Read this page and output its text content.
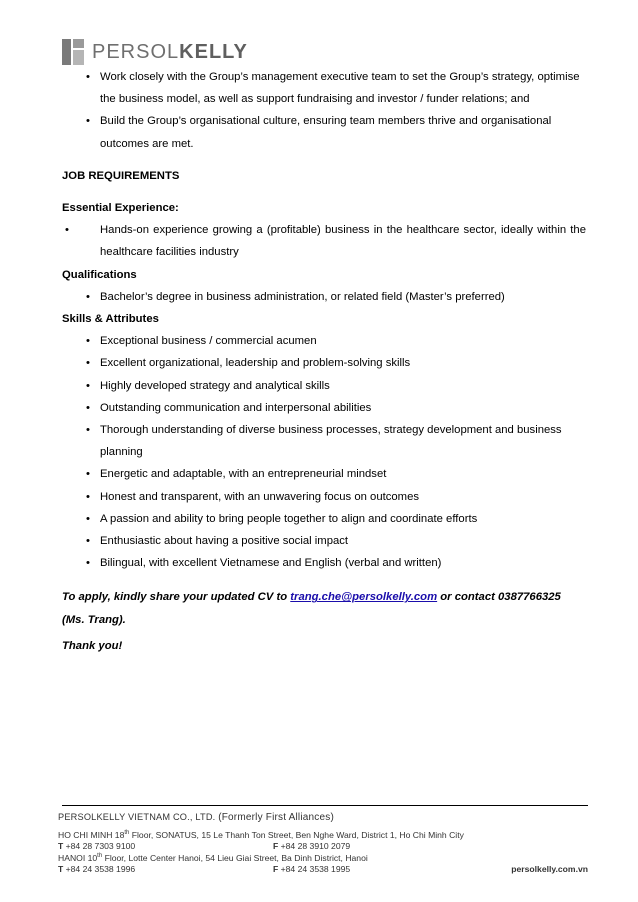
PERSOLKELLY

• Work closely with the Group’s management executive team to set the Group’s strategy, optimise the business model, as well as support fundraising and investor / funder relations; and

• Build the Group’s organisational culture, ensuring team members thrive and organisational outcomes are met.

JOB REQUIREMENTS

Essential Experience:

•	Hands-on experience growing a (profitable) business in the healthcare sector, ideally within the healthcare facilities industry

Qualifications

• Bachelor’s degree in business administration, or related field (Master’s preferred)

Skills & Attributes

• Exceptional business / commercial acumen

• Excellent organizational, leadership and problem-solving skills

• Highly developed strategy and analytical skills

• Outstanding communication and interpersonal abilities

• Thorough understanding of diverse business processes, strategy development and business planning

• Energetic and adaptable, with an entrepreneurial mindset

• Honest and transparent, with an unwavering focus on outcomes

• A passion and ability to bring people together to align and coordinate efforts

• Enthusiastic about having a positive social impact

• Bilingual, with excellent Vietnamese and English (verbal and written)

To apply, kindly share your updated CV to trang.che@persolkelly.com or contact 0387766325 (Ms. Trang).

Thank you!

PERSOLKELLY VIETNAM CO., LTD. (Formerly First Alliances)
HO CHI MINH 18th Floor, SONATUS, 15 Le Thanh Ton Street, Ben Nghe Ward, District 1, Ho Chi Minh City
T +84 28 7303 9100	F +84 28 3910 2079
HANOI 10th Floor, Lotte Center Hanoi, 54 Lieu Giai Street, Ba Dinh District, Hanoi
T +84 24 3538 1996	F +84 24 3538 1995	persolkelly.com.vn
